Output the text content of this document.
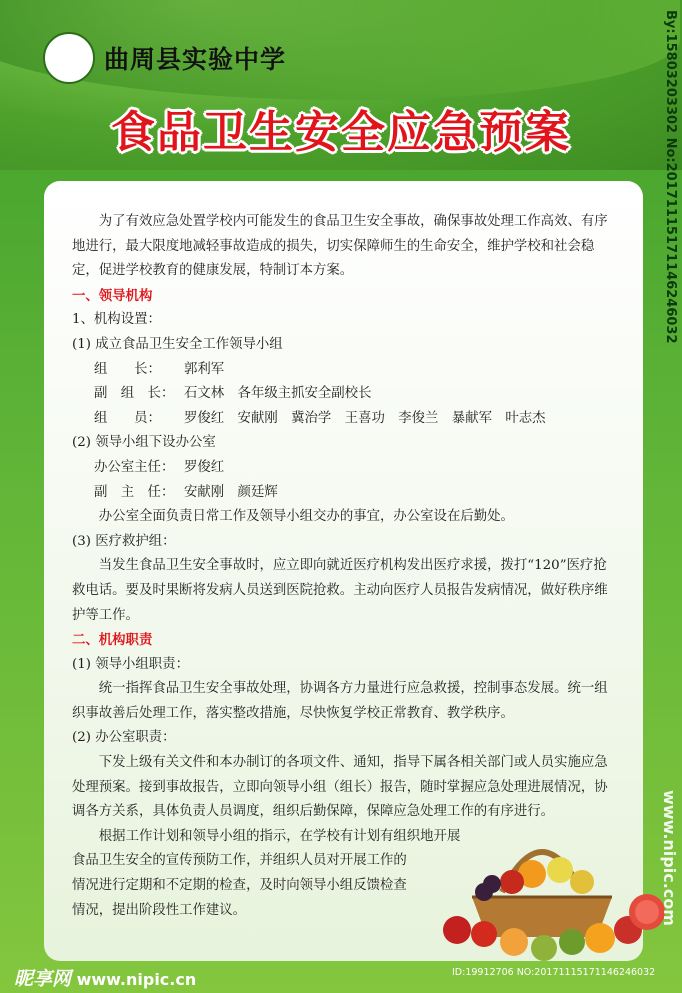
曲周县实验中学
食品卫生安全应急预案

为了有效应急处置学校内可能发生的食品卫生安全事故，确保事故处理工作高效、有序地进行，最大限度地减轻事故造成的损失，切实保障师生的生命安全，维护学校和社会稳定，促进学校教育的健康发展，特制订本方案。

一、领导机构

1、机构设置：

(1) 成立食品卫生安全工作领导小组

组　　长： 郭利军

副　组　长： 石文林　各年级主抓安全副校长

组　　员： 罗俊红　安献刚　冀治学　王喜功　李俊兰　暴献军　叶志杰

(2) 领导小组下设办公室

办公室主任： 罗俊红

副　主　任： 安献刚　颜廷辉

办公室全面负责日常工作及领导小组交办的事宜，办公室设在后勤处。

(3) 医疗救护组：

当发生食品卫生安全事故时，应立即向就近医疗机构发出医疗求援，拨打“120”医疗抢救电话。要及时果断将发病人员送到医院抢救。主动向医疗人员报告发病情况，做好秩序维护等工作。

二、机构职责

(1) 领导小组职责：

统一指挥食品卫生安全事故处理，协调各方力量进行应急救援，控制事态发展。统一组织事故善后处理工作，落实整改措施，尽快恢复学校正常教育、教学秩序。

(2) 办公室职责：

下发上级有关文件和本办制订的各项文件、通知，指导下属各相关部门或人员实施应急处理预案。接到事故报告，立即向领导小组（组长）报告，随时掌握应急处理进展情况，协调各方关系，具体负责人员调度，组织后勤保障，保障应急处理工作的有序进行。

根据工作计划和领导小组的指示，在学校有计划有组织地开展

食品卫生安全的宣传预防工作，并组织人员对开展工作的

情况进行定期和不定期的检查，及时向领导小组反馈检查

情况，提出阶段性工作建议。

By:15803203302 No:20171115171146246032
www.nipic.com
昵享网 www.nipic.cn	ID:19912706 NO:20171115171146246032
